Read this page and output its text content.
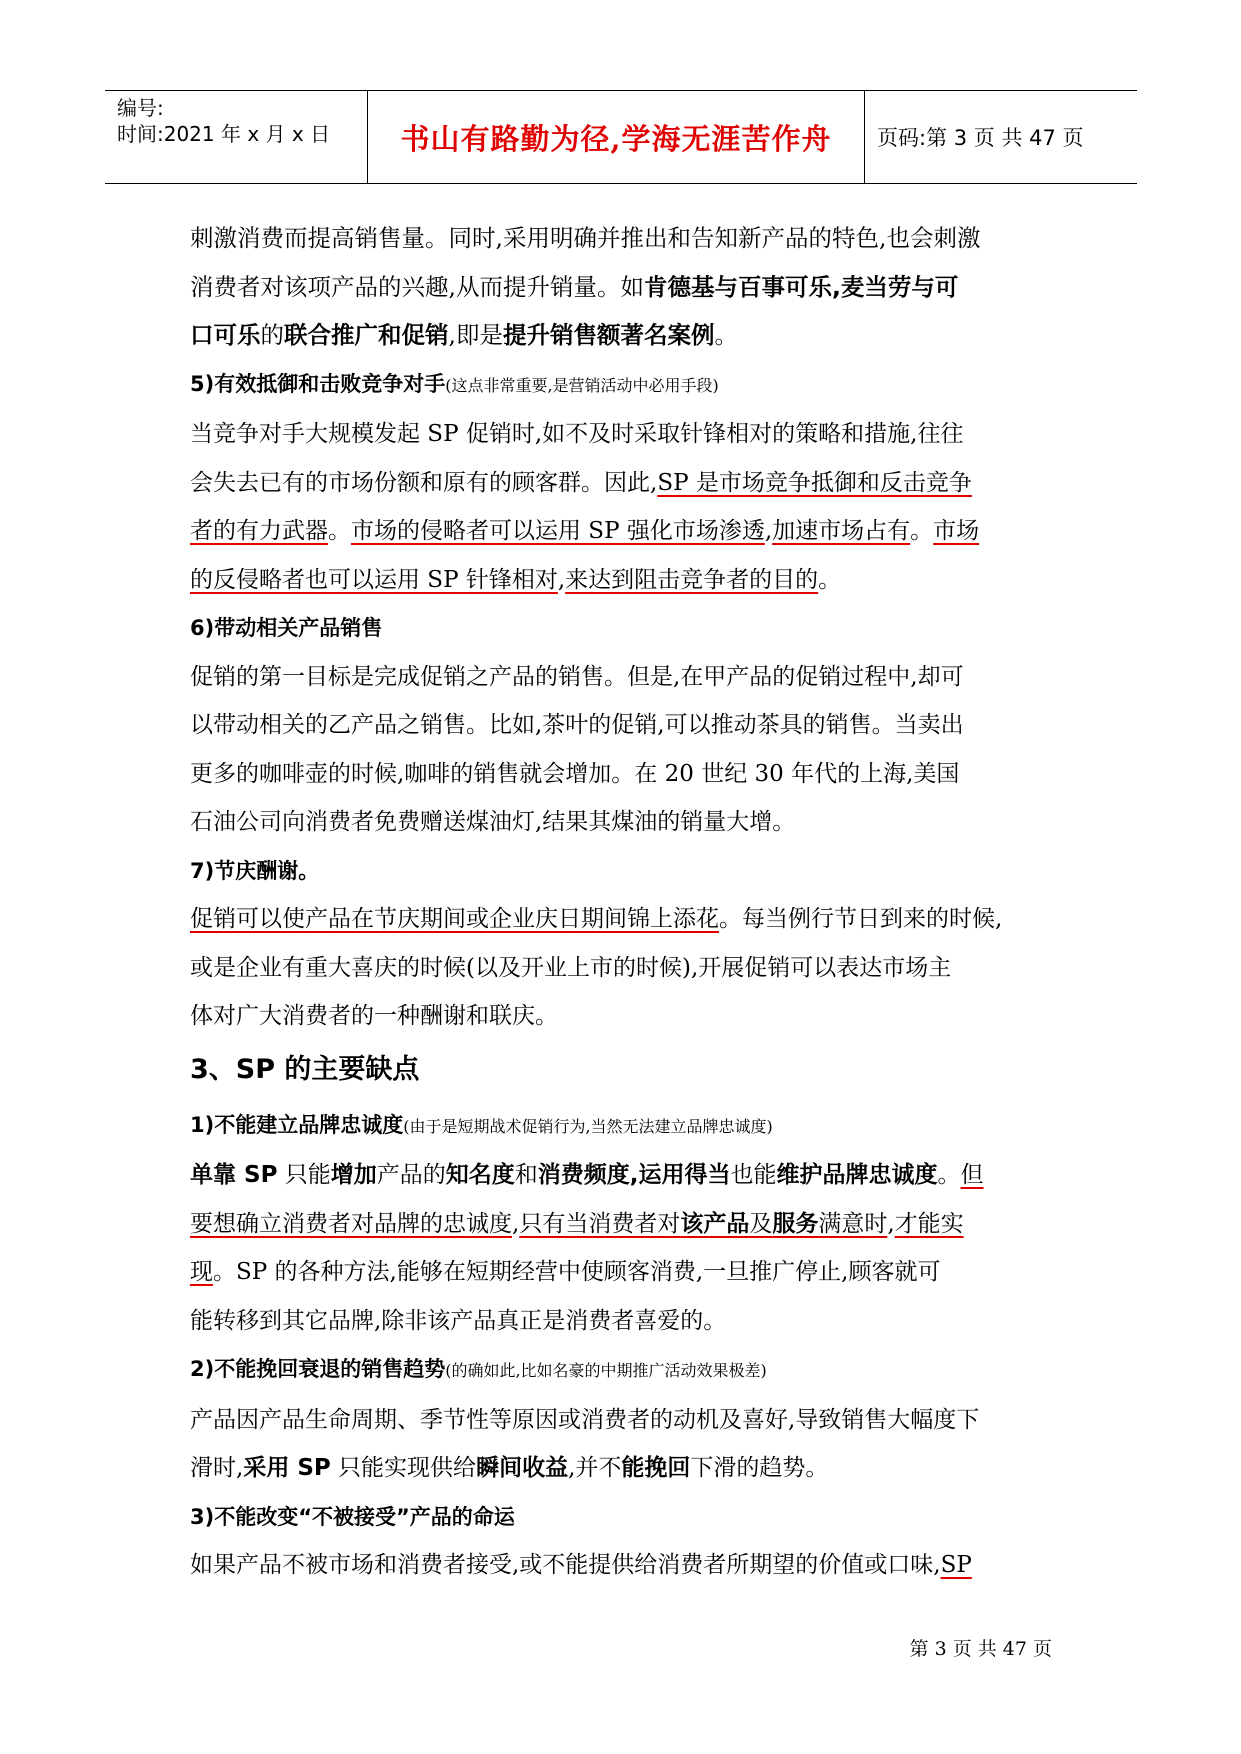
编号:
时间:2021 年 x 月 x 日	书山有路勤为径,学海无涯苦作舟	页码:第 3 页 共 47 页

刺激消费而提高销售量。同时,采用明确并推出和告知新产品的特色,也会刺激
消费者对该项产品的兴趣,从而提升销量。如肯德基与百事可乐,麦当劳与可
口可乐的联合推广和促销,即是提升销售额著名案例。

5)有效抵御和击败竞争对手(这点非常重要,是营销活动中必用手段)

当竞争对手大规模发起 SP 促销时,如不及时采取针锋相对的策略和措施,往往
会失去已有的市场份额和原有的顾客群。因此,SP 是市场竞争抵御和反击竞争
者的有力武器。市场的侵略者可以运用 SP 强化市场渗透,加速市场占有。市场
的反侵略者也可以运用 SP 针锋相对,来达到阻击竞争者的目的。

6)带动相关产品销售

促销的第一目标是完成促销之产品的销售。但是,在甲产品的促销过程中,却可
以带动相关的乙产品之销售。比如,茶叶的促销,可以推动茶具的销售。当卖出
更多的咖啡壶的时候,咖啡的销售就会增加。在 20 世纪 30 年代的上海,美国
石油公司向消费者免费赠送煤油灯,结果其煤油的销量大增。

7)节庆酬谢。

促销可以使产品在节庆期间或企业庆日期间锦上添花。每当例行节日到来的时候,
或是企业有重大喜庆的时候(以及开业上市的时候),开展促销可以表达市场主
体对广大消费者的一种酬谢和联庆。

3、SP 的主要缺点

1)不能建立品牌忠诚度(由于是短期战术促销行为,当然无法建立品牌忠诚度)

单靠 SP 只能增加产品的知名度和消费频度,运用得当也能维护品牌忠诚度。但
要想确立消费者对品牌的忠诚度,只有当消费者对该产品及服务满意时,才能实
现。SP 的各种方法,能够在短期经营中使顾客消费,一旦推广停止,顾客就可
能转移到其它品牌,除非该产品真正是消费者喜爱的。

2)不能挽回衰退的销售趋势(的确如此,比如名豪的中期推广活动效果极差)

产品因产品生命周期、季节性等原因或消费者的动机及喜好,导致销售大幅度下
滑时,采用 SP 只能实现供给瞬间收益,并不能挽回下滑的趋势。

3)不能改变“不被接受”产品的命运

如果产品不被市场和消费者接受,或不能提供给消费者所期望的价值或口味,SP

第 3 页 共 47 页
